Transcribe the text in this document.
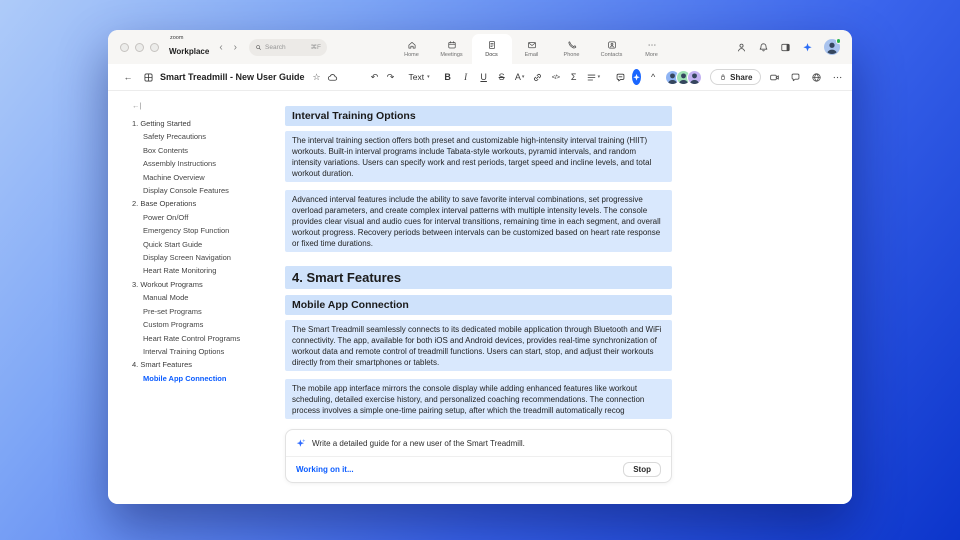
zoom
Workplace ‹ ›	Search	⌘F
Home	Meetings	Docs	Email	Phone	Contacts	More
←	Smart Treadmill - New User Guide ☆	↶ ↷	Text ▾ B I U S A ▾	</> Σ	▾	^	Share
←|
1. Getting Started
Safety Precautions
Box Contents
Assembly Instructions
Machine Overview
Display Console Features
2. Base Operations
Power On/Off
Emergency Stop Function
Quick Start Guide
Display Screen Navigation
Heart Rate Monitoring
3. Workout Programs
Manual Mode
Pre-set Programs
Custom Programs
Heart Rate Control Programs
Interval Training Options
4. Smart Features
Mobile App Connection
Interval Training Options
The interval training section offers both preset and customizable high-intensity interval training (HIIT) workouts. Built-in interval programs include Tabata-style workouts, pyramid intervals, and random intensity variations. Users can specify work and rest periods, target speed and incline levels, and total workout duration.
Advanced interval features include the ability to save favorite interval combinations, set progressive overload parameters, and create complex interval patterns with multiple intensity levels. The console provides clear visual and audio cues for interval transitions, remaining time in each segment, and overall workout progress. Recovery periods between intervals can be customized based on heart rate response or fixed time durations.
4. Smart Features
Mobile App Connection
The Smart Treadmill seamlessly connects to its dedicated mobile application through Bluetooth and WiFi connectivity. The app, available for both iOS and Android devices, provides real-time synchronization of workout data and remote control of treadmill functions. Users can start, stop, and adjust their workouts directly from their smartphones or tablets.
The mobile app interface mirrors the console display while adding enhanced features like workout scheduling, detailed exercise history, and personalized coaching recommendations. The connection process involves a simple one-time pairing setup, after which the treadmill automatically recog
Write a detailed guide for a new user of the Smart Treadmill.
Working on it...	Stop
